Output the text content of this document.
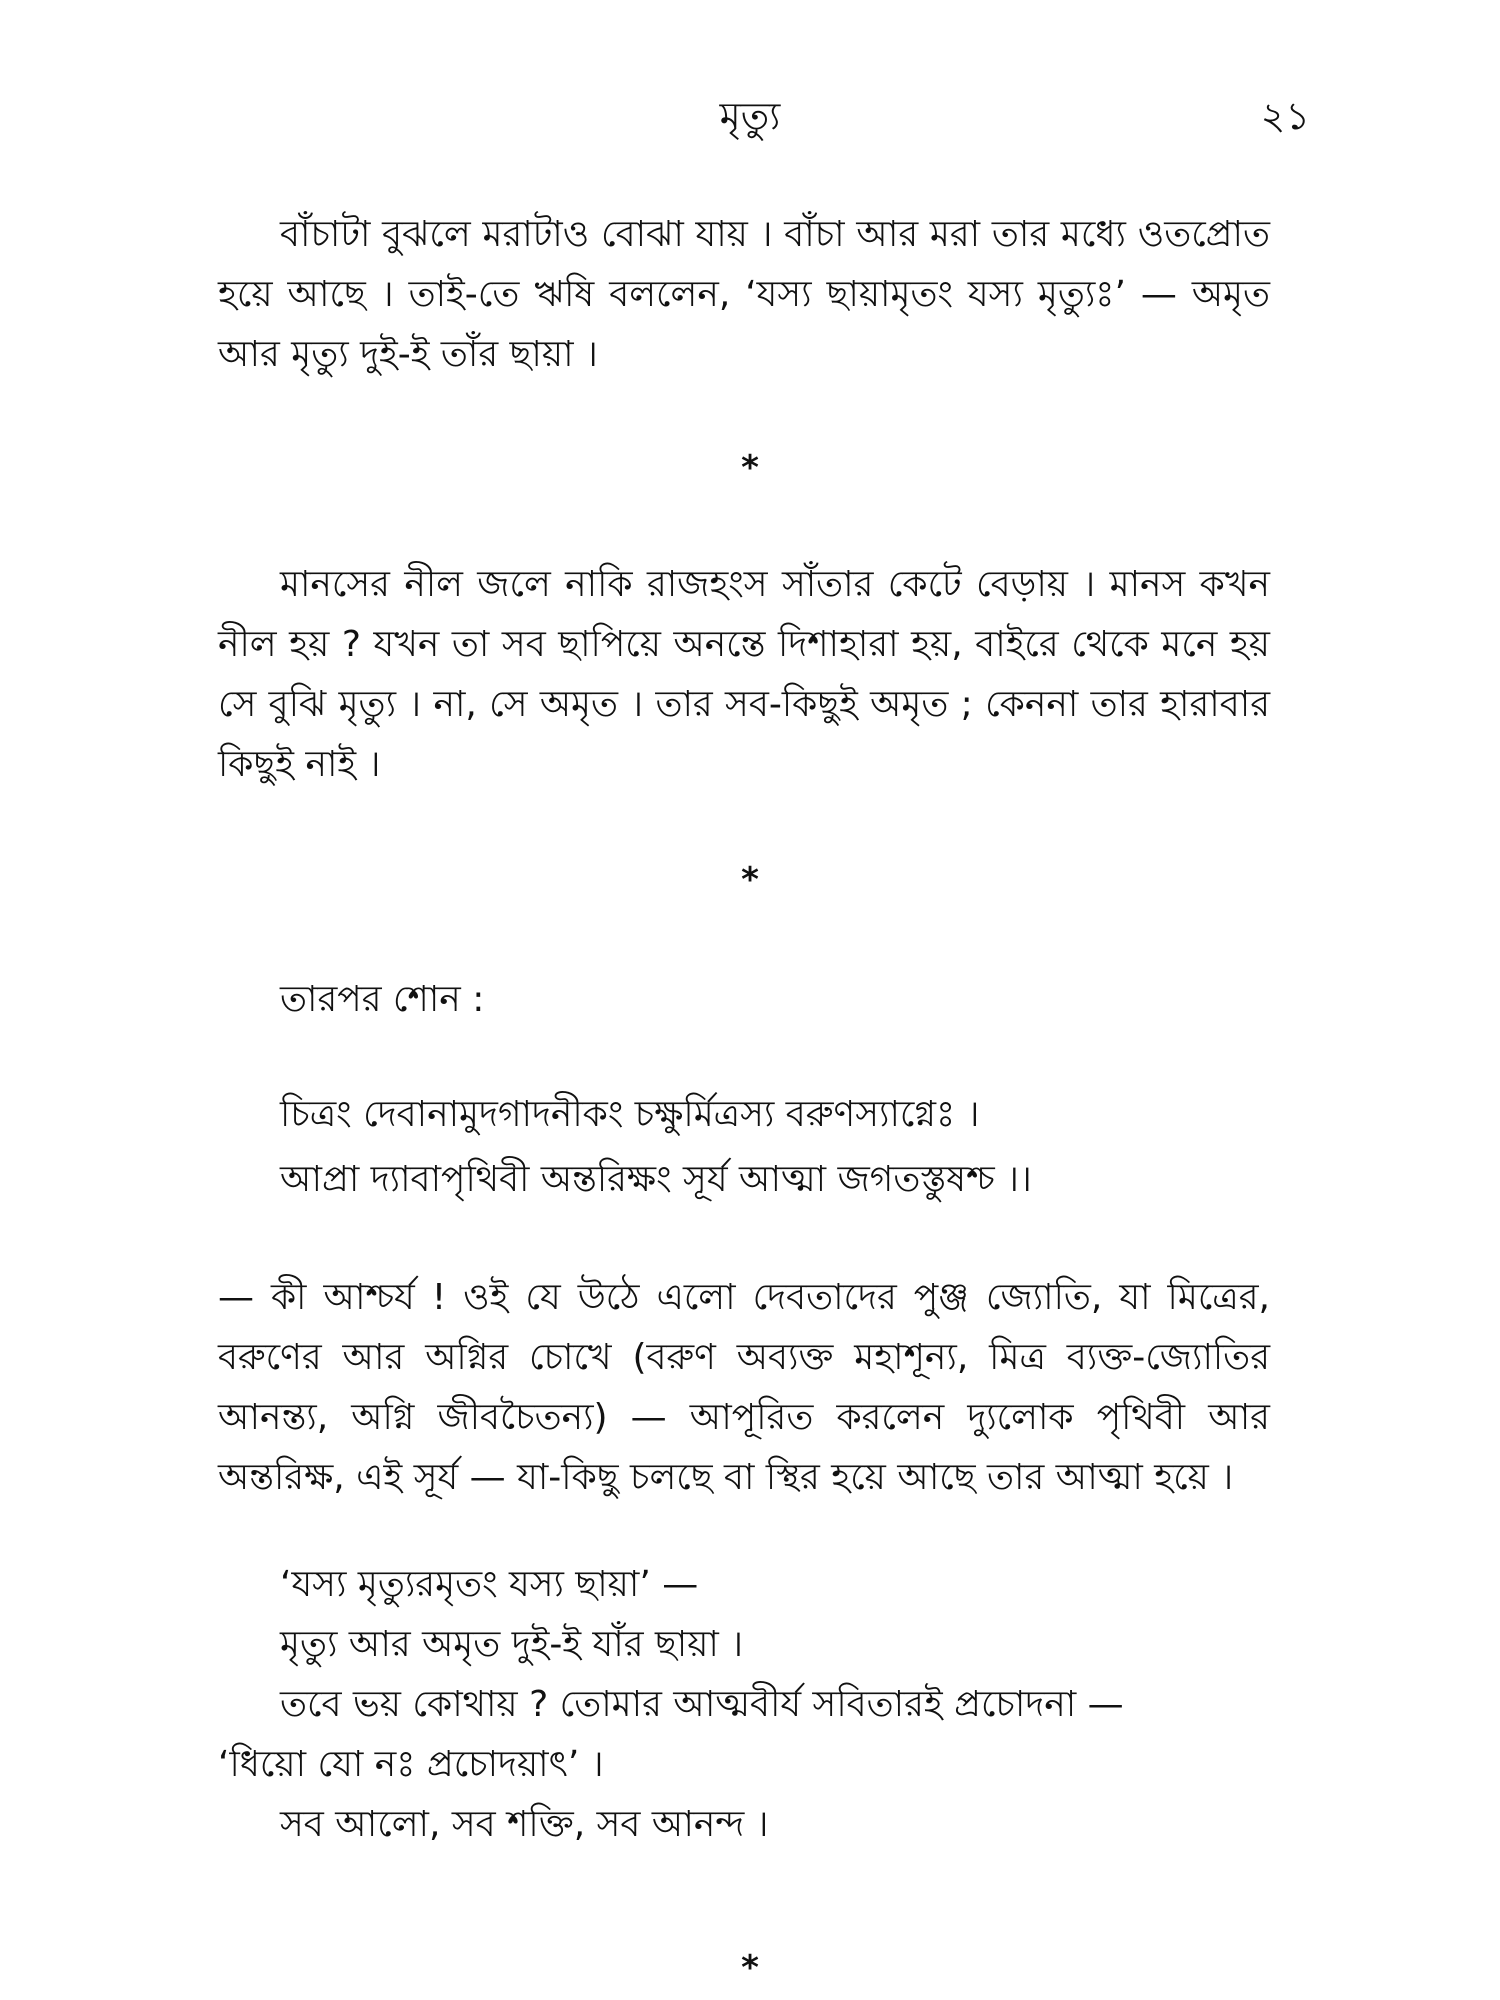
মৃত্যু	২১

বাঁচাটা বুঝলে মরাটাও বোঝা যায় । বাঁচা আর মরা তার মধ্যে ওতপ্রোত হয়ে আছে । তাই-তে ঋষি বললেন, ‘যস্য ছায়ামৃতং যস্য মৃত্যুঃ’ — অমৃত আর মৃত্যু দুই-ই তাঁর ছায়া ।

*

মানসের নীল জলে নাকি রাজহংস সাঁতার কেটে বেড়ায় । মানস কখন নীল হয় ? যখন তা সব ছাপিয়ে অনন্তে দিশাহারা হয়, বাইরে থেকে মনে হয় সে বুঝি মৃত্যু । না, সে অমৃত । তার সব-কিছুই অমৃত ; কেননা তার হারাবার কিছুই নাই ।

*

তারপর শোন :

চিত্রং দেবানামুদগাদনীকং চক্ষুর্মিত্রস্য বরুণস্যাগ্নেঃ ।

আপ্রা দ্যাবাপৃথিবী অন্তরিক্ষং সূর্য আত্মা জগতস্তুষশ্চ ।।

— কী আশ্চর্য ! ওই যে উঠে এলো দেবতাদের পুঞ্জ জ্যোতি, যা মিত্রের, বরুণের আর অগ্নির চোখে (বরুণ অব্যক্ত মহাশূন্য, মিত্র ব্যক্ত-জ্যোতির আনন্ত্য, অগ্নি জীবচৈতন্য) — আপূরিত করলেন দ্যুলোক পৃথিবী আর অন্তরিক্ষ, এই সূর্য — যা-কিছু চলছে বা স্থির হয়ে আছে তার আত্মা হয়ে ।

‘যস্য মৃত্যুরমৃতং যস্য ছায়া’ —

মৃত্যু আর অমৃত দুই-ই যাঁর ছায়া ।

তবে ভয় কোথায় ? তোমার আত্মবীর্য সবিতারই প্রচোদনা —

‘ধিয়ো যো নঃ প্রচোদয়াৎ’ ।

সব আলো, সব শক্তি, সব আনন্দ ।

*
